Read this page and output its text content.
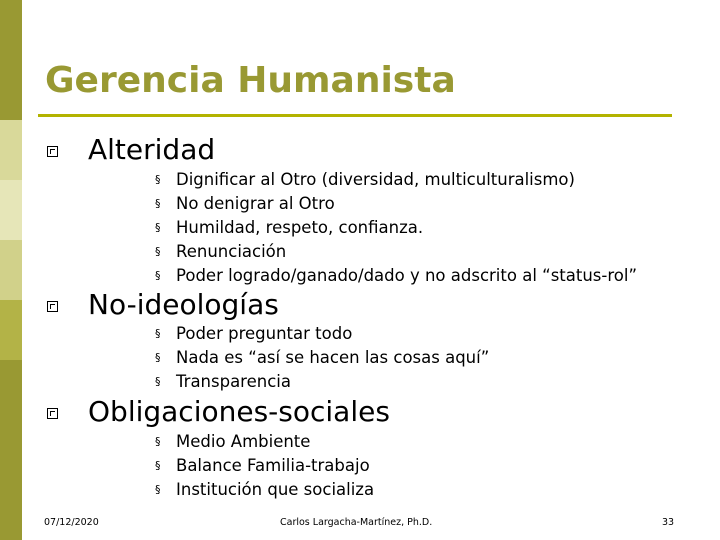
Gerencia Humanista

Alteridad

§ Dignificar al Otro (diversidad, multiculturalismo)
§ No denigrar al Otro
§ Humildad, respeto, confianza.
§ Renunciación
§ Poder logrado/ganado/dado y no adscrito al “status-rol”

No-ideologías

§ Poder preguntar todo
§ Nada es “así se hacen las cosas aquí”
§ Transparencia

Obligaciones-sociales

§ Medio Ambiente
§ Balance Familia-trabajo
§ Institución que socializa
07/12/2020	Carlos Largacha-Martínez, Ph.D.	33
